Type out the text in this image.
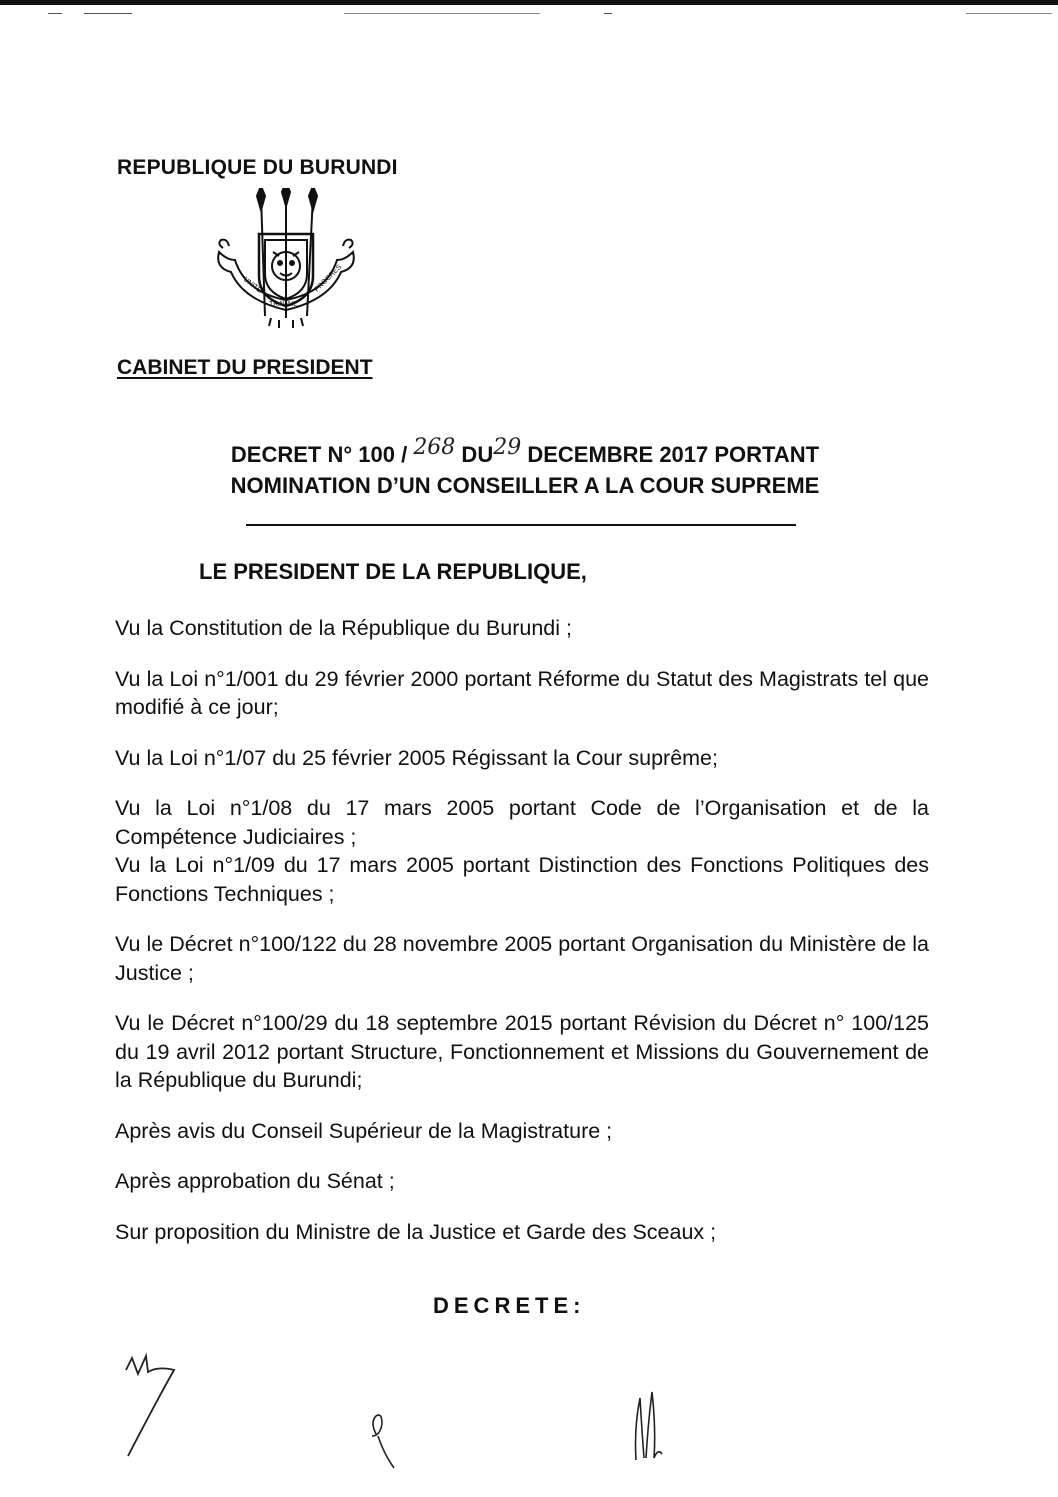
REPUBLIQUE DU BURUNDI
UNITE
TRAVAIL
PROGRES
CABINET DU PRESIDENT
DECRET N° 100 / 268 DU29 DECEMBRE 2017 PORTANT
NOMINATION D’UN CONSEILLER A LA COUR SUPREME
LE PRESIDENT DE LA REPUBLIQUE,

Vu la Constitution de la République du Burundi ;

Vu la Loi n°1/001 du 29 février 2000 portant Réforme du Statut des Magistrats tel que modifié à ce jour;

Vu la Loi n°1/07 du 25 février 2005 Régissant la Cour suprême;

Vu la Loi n°1/08 du 17 mars 2005 portant Code de l’Organisation et de la Compétence Judiciaires ;

Vu la Loi n°1/09 du 17 mars 2005 portant Distinction des Fonctions Politiques des Fonctions Techniques ;

Vu le Décret n°100/122 du 28 novembre 2005 portant Organisation du Ministère de la Justice ;

Vu le Décret n°100/29 du 18 septembre 2015 portant Révision du Décret n° 100/125 du 19 avril 2012 portant Structure, Fonctionnement et Missions du Gouvernement de la République du Burundi;

Après avis du Conseil Supérieur de la Magistrature ;

Après approbation du Sénat ;

Sur proposition du Ministre de la Justice et Garde des Sceaux ;

DECRETE:
